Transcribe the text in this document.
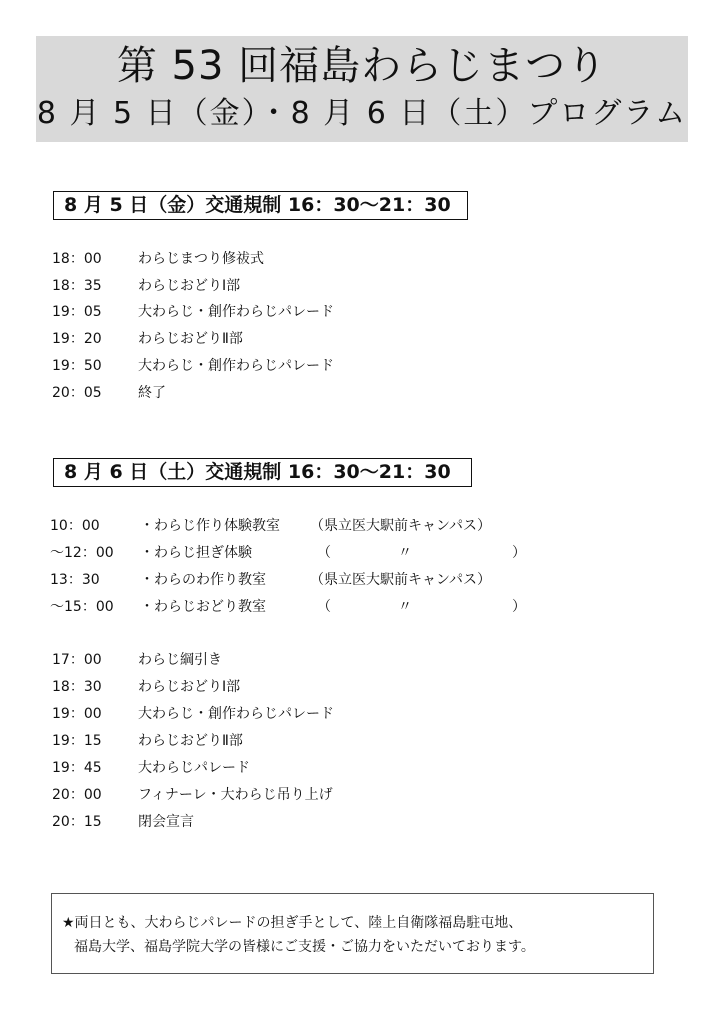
第 53 回福島わらじまつり
8 月 5 日（金）・8 月 6 日（土）プログラム
8 月 5 日（金）交通規制 16：30〜21：30
18：00	わらじまつり修祓式
18：35	わらじおどりⅠ部
19：05	大わらじ・創作わらじパレード
19：20	わらじおどりⅡ部
19：50	大わらじ・創作わらじパレード
20：05	終了
8 月 6 日（土）交通規制 16：30〜21：30
10：00	・わらじ作り体験教室 （県立医大駅前キャンパス）
〜12：00 ・わらじ担ぎ体験	（	〃	）
13：30	・わらのわ作り教室	（県立医大駅前キャンパス）
〜15：00 ・わらじおどり教室	（	〃	）
17：00	わらじ綱引き
18：30	わらじおどりⅠ部
19：00	大わらじ・創作わらじパレード
19：15	わらじおどりⅡ部
19：45	大わらじパレード
20：00	フィナーレ・大わらじ吊り上げ
20：15	閉会宣言
★両日とも、大わらじパレードの担ぎ手として、陸上自衛隊福島駐屯地、
福島大学、福島学院大学の皆様にご支援・ご協力をいただいております。
